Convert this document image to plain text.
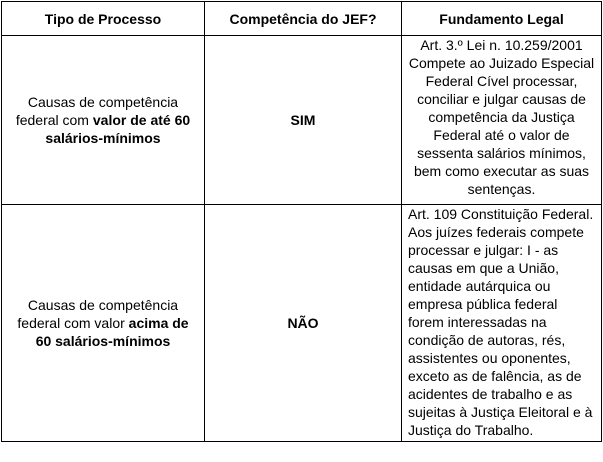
Tipo de Processo	Competência do JEF?	Fundamento Legal
Causas de competência federal com valor de até 60 salários-mínimos	SIM	Art. 3.º Lei n. 10.259/2001 Compete ao Juizado Especial Federal Cível processar, conciliar e julgar causas de competência da Justiça Federal até o valor de sessenta salários mínimos, bem como executar as suas sentenças.
Causas de competência federal com valor acima de 60 salários-mínimos	NÃO	Art. 109 Constituição Federal. Aos juízes federais compete processar e julgar: I - as causas em que a União, entidade autárquica ou empresa pública federal forem interessadas na condição de autoras, rés, assistentes ou oponentes, exceto as de falência, as de acidentes de trabalho e as sujeitas à Justiça Eleitoral e à Justiça do Trabalho.
